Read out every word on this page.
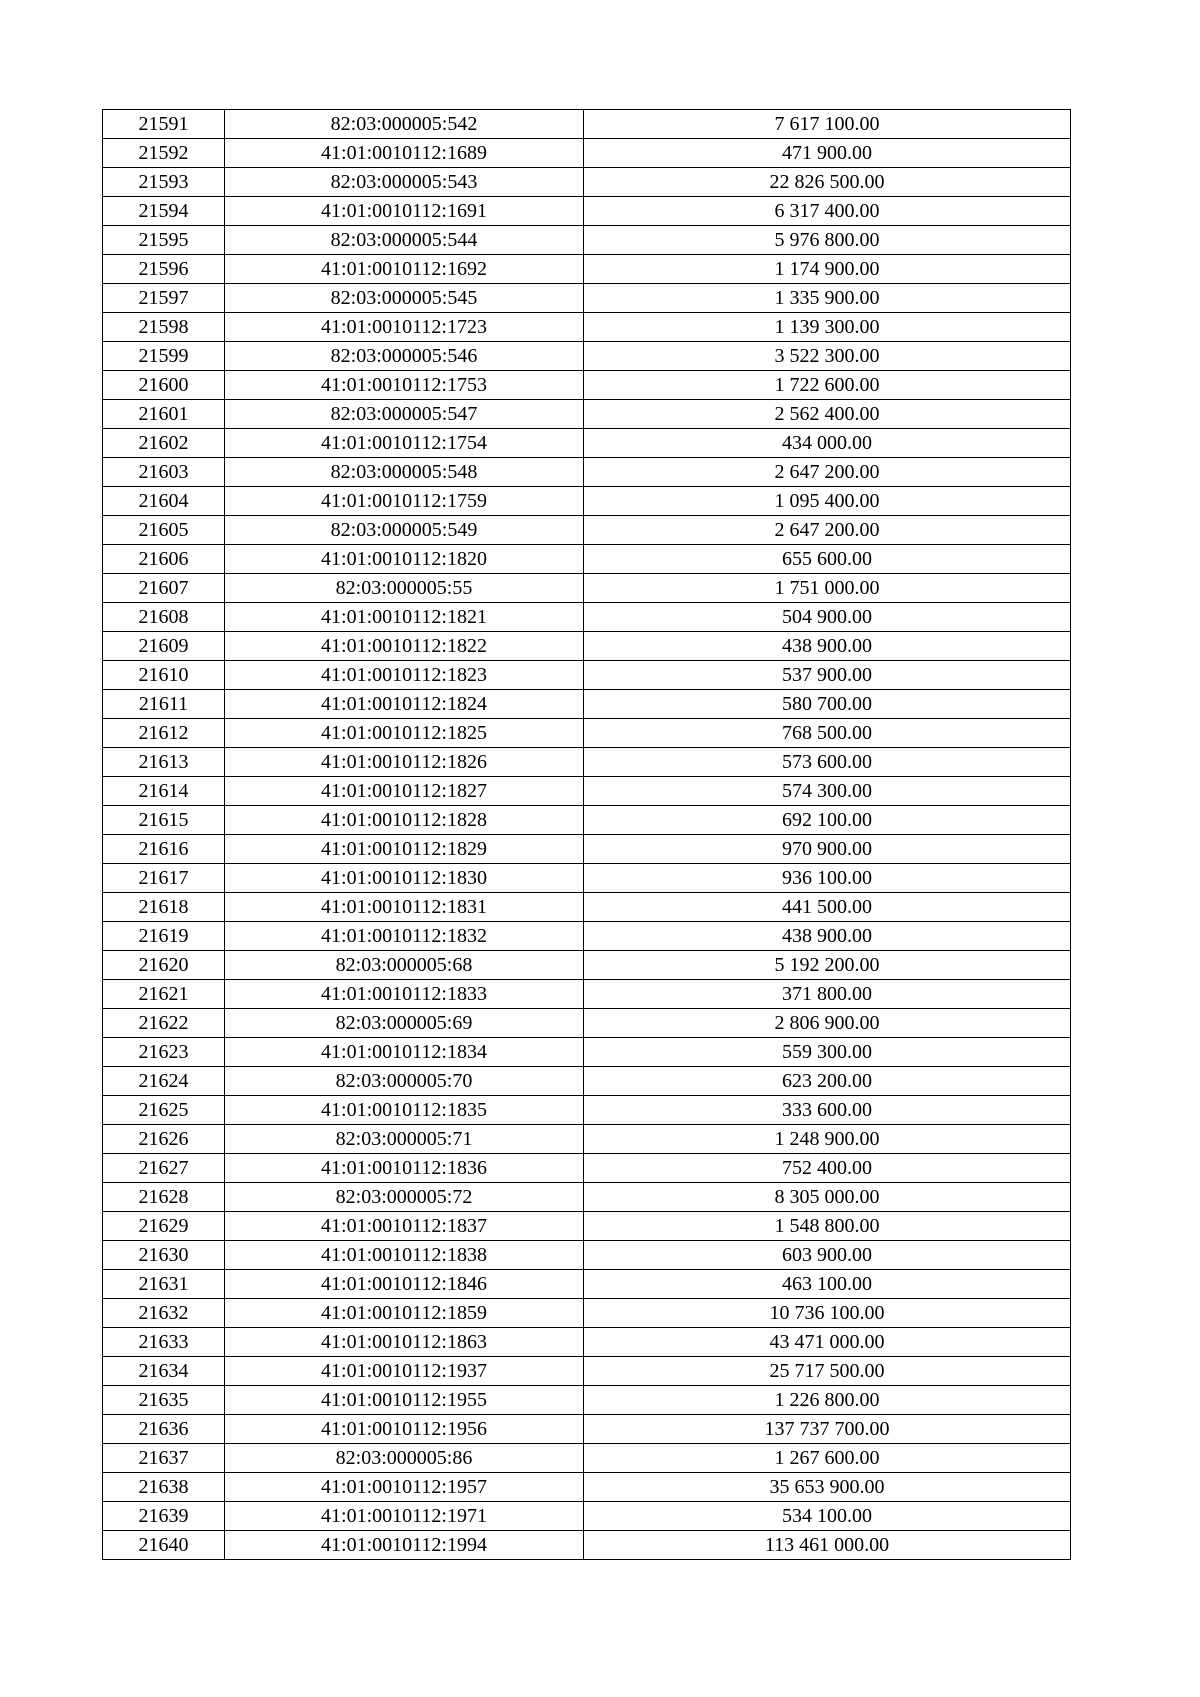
21591	82:03:000005:542	7 617 100.00
21592	41:01:0010112:1689	471 900.00
21593	82:03:000005:543	22 826 500.00
21594	41:01:0010112:1691	6 317 400.00
21595	82:03:000005:544	5 976 800.00
21596	41:01:0010112:1692	1 174 900.00
21597	82:03:000005:545	1 335 900.00
21598	41:01:0010112:1723	1 139 300.00
21599	82:03:000005:546	3 522 300.00
21600	41:01:0010112:1753	1 722 600.00
21601	82:03:000005:547	2 562 400.00
21602	41:01:0010112:1754	434 000.00
21603	82:03:000005:548	2 647 200.00
21604	41:01:0010112:1759	1 095 400.00
21605	82:03:000005:549	2 647 200.00
21606	41:01:0010112:1820	655 600.00
21607	82:03:000005:55	1 751 000.00
21608	41:01:0010112:1821	504 900.00
21609	41:01:0010112:1822	438 900.00
21610	41:01:0010112:1823	537 900.00
21611	41:01:0010112:1824	580 700.00
21612	41:01:0010112:1825	768 500.00
21613	41:01:0010112:1826	573 600.00
21614	41:01:0010112:1827	574 300.00
21615	41:01:0010112:1828	692 100.00
21616	41:01:0010112:1829	970 900.00
21617	41:01:0010112:1830	936 100.00
21618	41:01:0010112:1831	441 500.00
21619	41:01:0010112:1832	438 900.00
21620	82:03:000005:68	5 192 200.00
21621	41:01:0010112:1833	371 800.00
21622	82:03:000005:69	2 806 900.00
21623	41:01:0010112:1834	559 300.00
21624	82:03:000005:70	623 200.00
21625	41:01:0010112:1835	333 600.00
21626	82:03:000005:71	1 248 900.00
21627	41:01:0010112:1836	752 400.00
21628	82:03:000005:72	8 305 000.00
21629	41:01:0010112:1837	1 548 800.00
21630	41:01:0010112:1838	603 900.00
21631	41:01:0010112:1846	463 100.00
21632	41:01:0010112:1859	10 736 100.00
21633	41:01:0010112:1863	43 471 000.00
21634	41:01:0010112:1937	25 717 500.00
21635	41:01:0010112:1955	1 226 800.00
21636	41:01:0010112:1956	137 737 700.00
21637	82:03:000005:86	1 267 600.00
21638	41:01:0010112:1957	35 653 900.00
21639	41:01:0010112:1971	534 100.00
21640	41:01:0010112:1994	113 461 000.00
